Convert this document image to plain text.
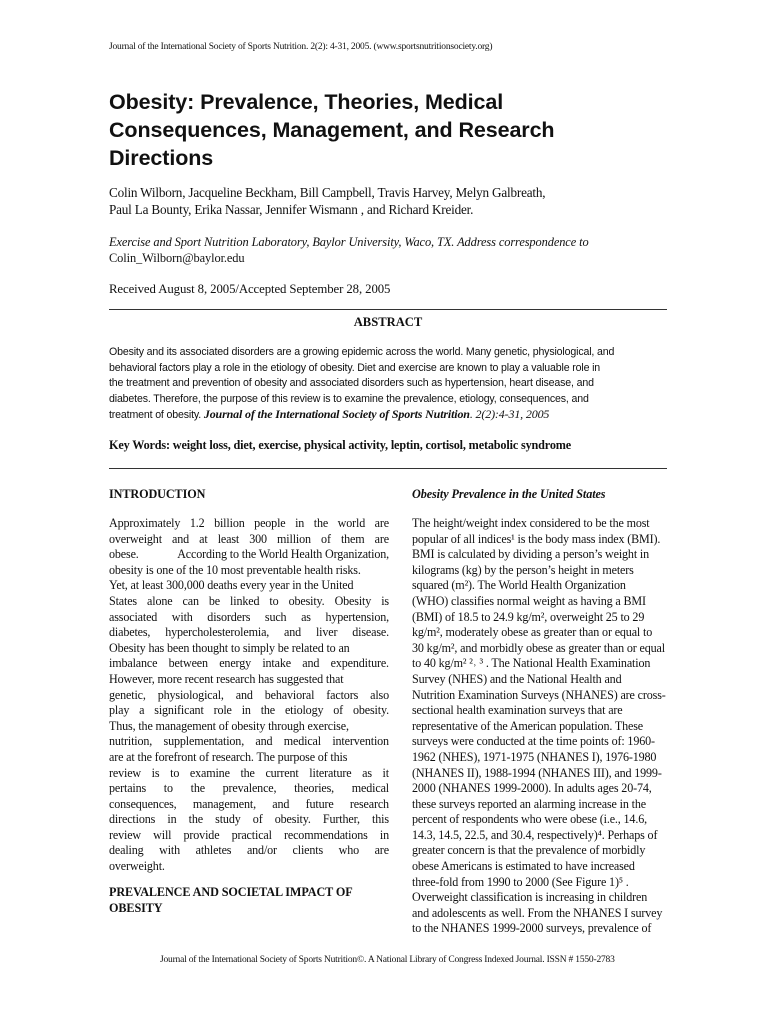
Journal of the International Society of Sports Nutrition. 2(2): 4-31, 2005. (www.sportsnutritionsociety.org)
Obesity: Prevalence, Theories, Medical
Consequences, Management, and Research
Directions
Colin Wilborn, Jacqueline Beckham, Bill Campbell, Travis Harvey, Melyn Galbreath,
Paul La Bounty, Erika Nassar, Jennifer Wismann , and Richard Kreider.
Exercise and Sport Nutrition Laboratory, Baylor University, Waco, TX. Address correspondence to
Colin_Wilborn@baylor.edu
Received August 8, 2005/Accepted September 28, 2005
ABSTRACT
Obesity and its associated disorders are a growing epidemic across the world. Many genetic, physiological, and
behavioral factors play a role in the etiology of obesity. Diet and exercise are known to play a valuable role in
the treatment and prevention of obesity and associated disorders such as hypertension, heart disease, and
diabetes. Therefore, the purpose of this review is to examine the prevalence, etiology, consequences, and
treatment of obesity. Journal of the International Society of Sports Nutrition. 2(2):4-31, 2005
Key Words: weight loss, diet, exercise, physical activity, leptin, cortisol, metabolic syndrome
INTRODUCTION
Approximately 1.2 billion people in the world are
overweight and at least 300 million of them are
obese.	According to the World Health Organization,
obesity is one of the 10 most preventable health risks.
Yet, at least 300,000 deaths every year in the United
States alone can be linked to obesity. Obesity is
associated with disorders such as hypertension,
diabetes, hypercholesterolemia, and liver disease.
Obesity has been thought to simply be related to an
imbalance between energy intake and expenditure.
However, more recent research has suggested that
genetic, physiological, and behavioral factors also
play a significant role in the etiology of obesity.
Thus, the management of obesity through exercise,
nutrition, supplementation, and medical intervention
are at the forefront of research. The purpose of this
review is to examine the current literature as it
pertains to the prevalence, theories, medical
consequences, management, and future research
directions in the study of obesity. Further, this
review will provide practical recommendations in
dealing with athletes and/or clients who are
overweight.
PREVALENCE AND SOCIETAL IMPACT OF
OBESITY
Obesity Prevalence in the United States
The height/weight index considered to be the most
popular of all indices¹ is the body mass index (BMI).
BMI is calculated by dividing a person’s weight in
kilograms (kg) by the person’s height in meters
squared (m²). The World Health Organization
(WHO) classifies normal weight as having a BMI
(BMI) of 18.5 to 24.9 kg/m², overweight 25 to 29
kg/m², moderately obese as greater than or equal to
30 kg/m², and morbidly obese as greater than or equal
to 40 kg/m² ²˒ ³ . The National Health Examination
Survey (NHES) and the National Health and
Nutrition Examination Surveys (NHANES) are cross-
sectional health examination surveys that are
representative of the American population. These
surveys were conducted at the time points of: 1960-
1962 (NHES), 1971-1975 (NHANES I), 1976-1980
(NHANES II), 1988-1994 (NHANES III), and 1999-
2000 (NHANES 1999-2000). In adults ages 20-74,
these surveys reported an alarming increase in the
percent of respondents who were obese (i.e., 14.6,
14.3, 14.5, 22.5, and 30.4, respectively)⁴. Perhaps of
greater concern is that the prevalence of morbidly
obese Americans is estimated to have increased
three-fold from 1990 to 2000 (See Figure 1)⁵ .
Overweight classification is increasing in children
and adolescents as well. From the NHANES I survey
to the NHANES 1999-2000 surveys, prevalence of
Journal of the International Society of Sports Nutrition©. A National Library of Congress Indexed Journal. ISSN # 1550-2783
